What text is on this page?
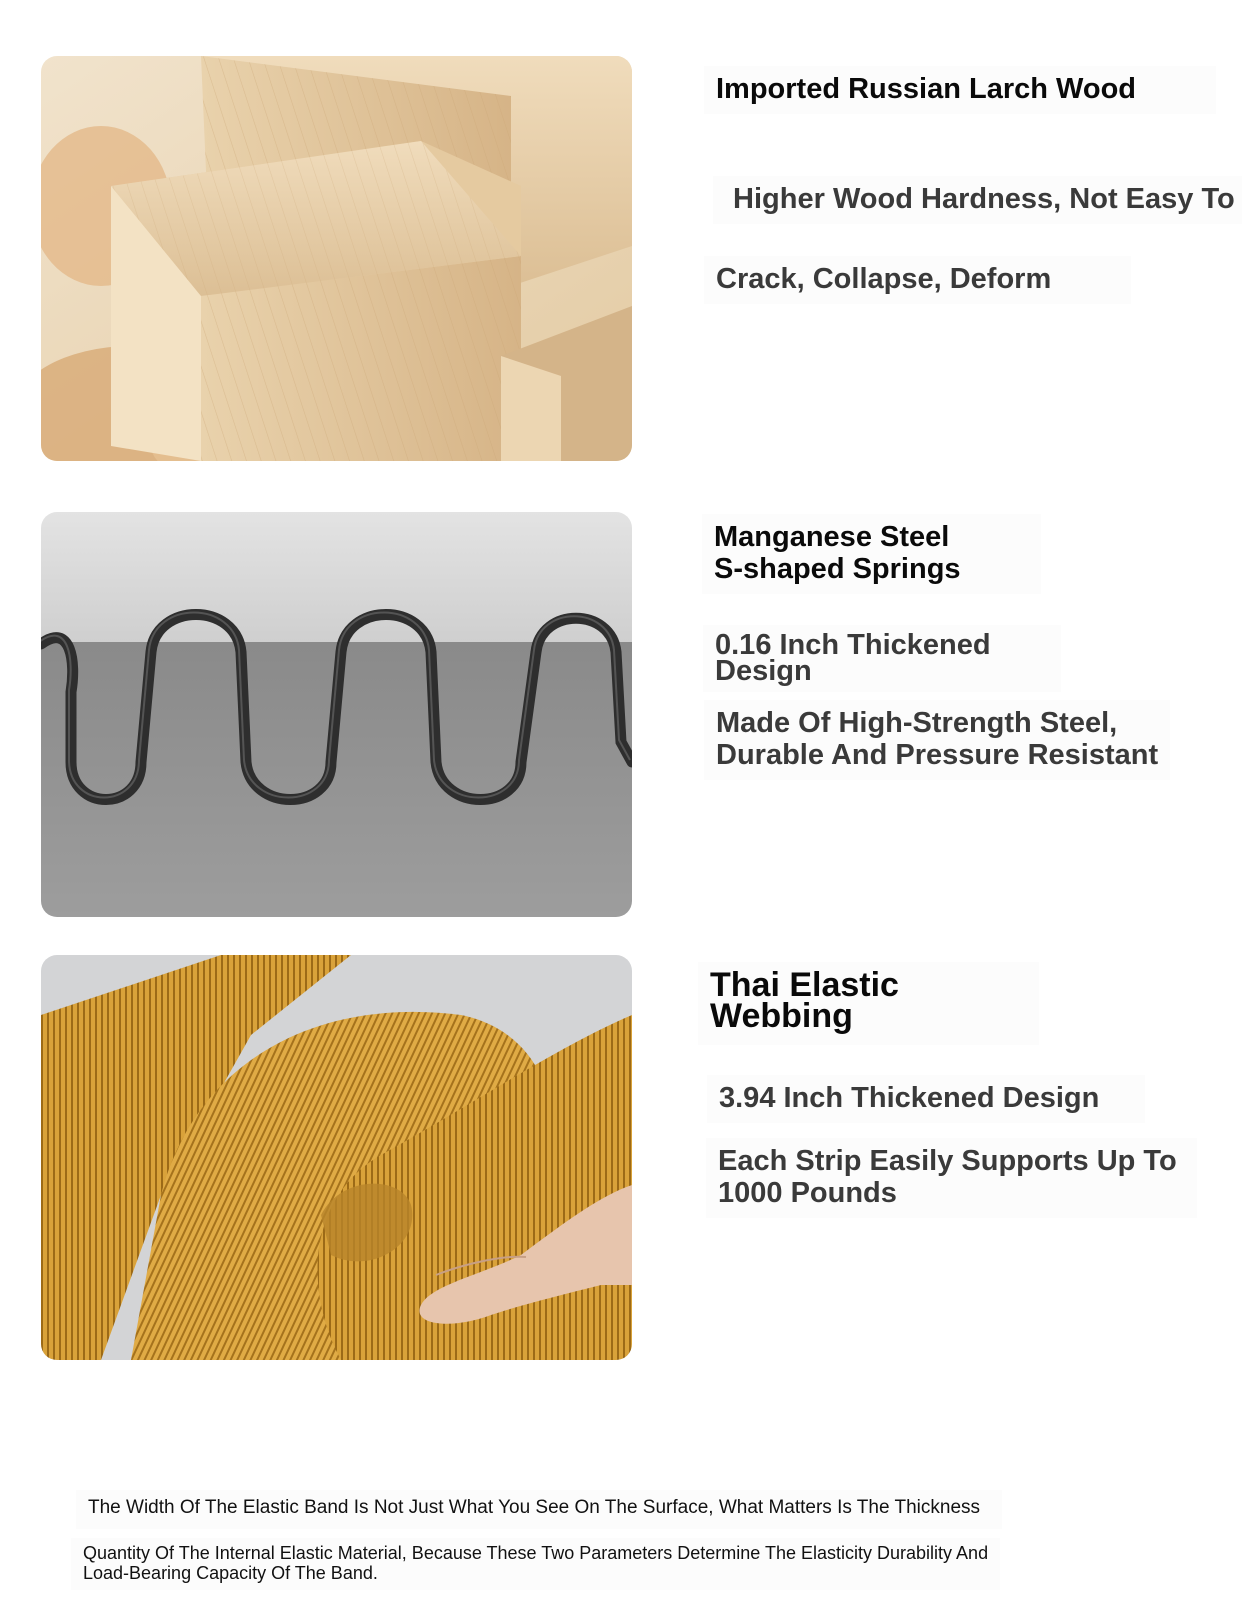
Imported Russian Larch Wood
Higher Wood Hardness, Not Easy To
Crack, Collapse, Deform
Manganese Steel
S-shaped Springs
0.16 Inch Thickened
Design
Made Of High-Strength Steel,
Durable And Pressure Resistant
Thai Elastic
Webbing
3.94 Inch Thickened Design
Each Strip Easily Supports Up To
1000 Pounds
The Width Of The Elastic Band Is Not Just What You See On The Surface, What Matters Is The Thickness
Quantity Of The Internal Elastic Material, Because These Two Parameters Determine The Elasticity Durability And
Load-Bearing Capacity Of The Band.
